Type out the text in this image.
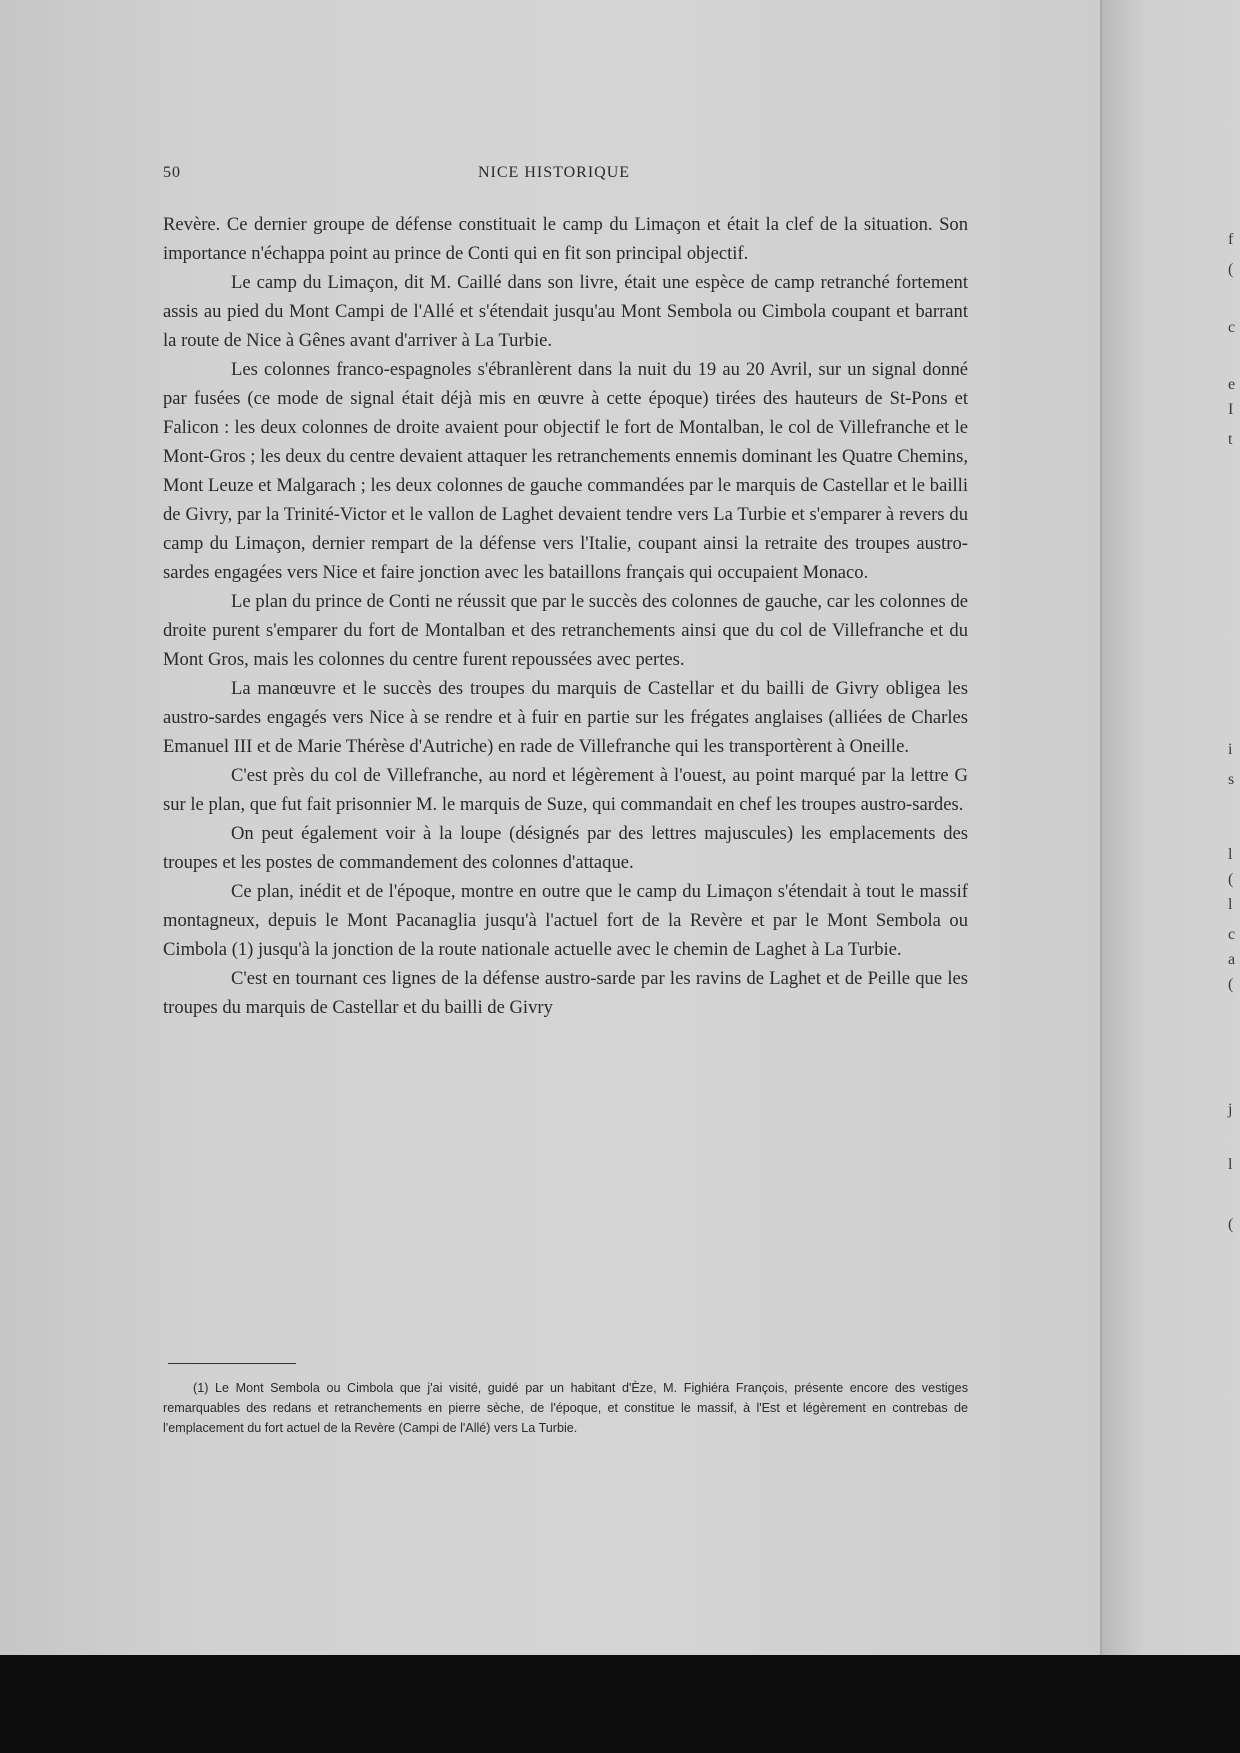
50	NICE HISTORIQUE

Revère. Ce dernier groupe de défense constituait le camp du Limaçon et était la clef de la situation. Son importance n'échappa point au prince de Conti qui en fit son principal objectif.

Le camp du Limaçon, dit M. Caillé dans son livre, était une espèce de camp retranché fortement assis au pied du Mont Campi de l'Allé et s'étendait jusqu'au Mont Sembola ou Cimbola coupant et barrant la route de Nice à Gênes avant d'arriver à La Turbie.

Les colonnes franco-espagnoles s'ébranlèrent dans la nuit du 19 au 20 Avril, sur un signal donné par fusées (ce mode de signal était déjà mis en œuvre à cette époque) tirées des hauteurs de St-Pons et Falicon : les deux colonnes de droite avaient pour objectif le fort de Montalban, le col de Villefranche et le Mont-Gros ; les deux du centre devaient attaquer les retranchements ennemis dominant les Quatre Chemins, Mont Leuze et Malgarach ; les deux colonnes de gauche commandées par le marquis de Castellar et le bailli de Givry, par la Trinité-Victor et le vallon de Laghet devaient tendre vers La Turbie et s'emparer à revers du camp du Limaçon, dernier rempart de la défense vers l'Italie, coupant ainsi la retraite des troupes austro-sardes engagées vers Nice et faire jonction avec les bataillons français qui occupaient Monaco.

Le plan du prince de Conti ne réussit que par le succès des colonnes de gauche, car les colonnes de droite purent s'emparer du fort de Montalban et des retranchements ainsi que du col de Villefranche et du Mont Gros, mais les colonnes du centre furent repoussées avec pertes.

La manœuvre et le succès des troupes du marquis de Castellar et du bailli de Givry obligea les austro-sardes engagés vers Nice à se rendre et à fuir en partie sur les frégates anglaises (alliées de Charles Emanuel III et de Marie Thérèse d'Autriche) en rade de Villefranche qui les transportèrent à Oneille.

C'est près du col de Villefranche, au nord et légèrement à l'ouest, au point marqué par la lettre G sur le plan, que fut fait prisonnier M. le marquis de Suze, qui commandait en chef les troupes austro-sardes.

On peut également voir à la loupe (désignés par des lettres majuscules) les emplacements des troupes et les postes de commandement des colonnes d'attaque.

Ce plan, inédit et de l'époque, montre en outre que le camp du Limaçon s'étendait à tout le massif montagneux, depuis le Mont Pacanaglia jusqu'à l'actuel fort de la Revère et par le Mont Sembola ou Cimbola (1) jusqu'à la jonction de la route nationale actuelle avec le chemin de Laghet à La Turbie.

C'est en tournant ces lignes de la défense austro-sarde par les ravins de Laghet et de Peille que les troupes du marquis de Castellar et du bailli de Givry

(1) Le Mont Sembola ou Cimbola que j'ai visité, guidé par un habitant d'Èze, M. Fighiéra François, présente encore des vestiges remarquables des redans et retranchements en pierre sèche, de l'époque, et constitue le massif, à l'Est et légèrement en contrebas de l'emplacement du fort actuel de la Revère (Campi de l'Allé) vers La Turbie.

f
(
c
e
I
t
i
s
l
(
l
c
a
(
j
l
(
